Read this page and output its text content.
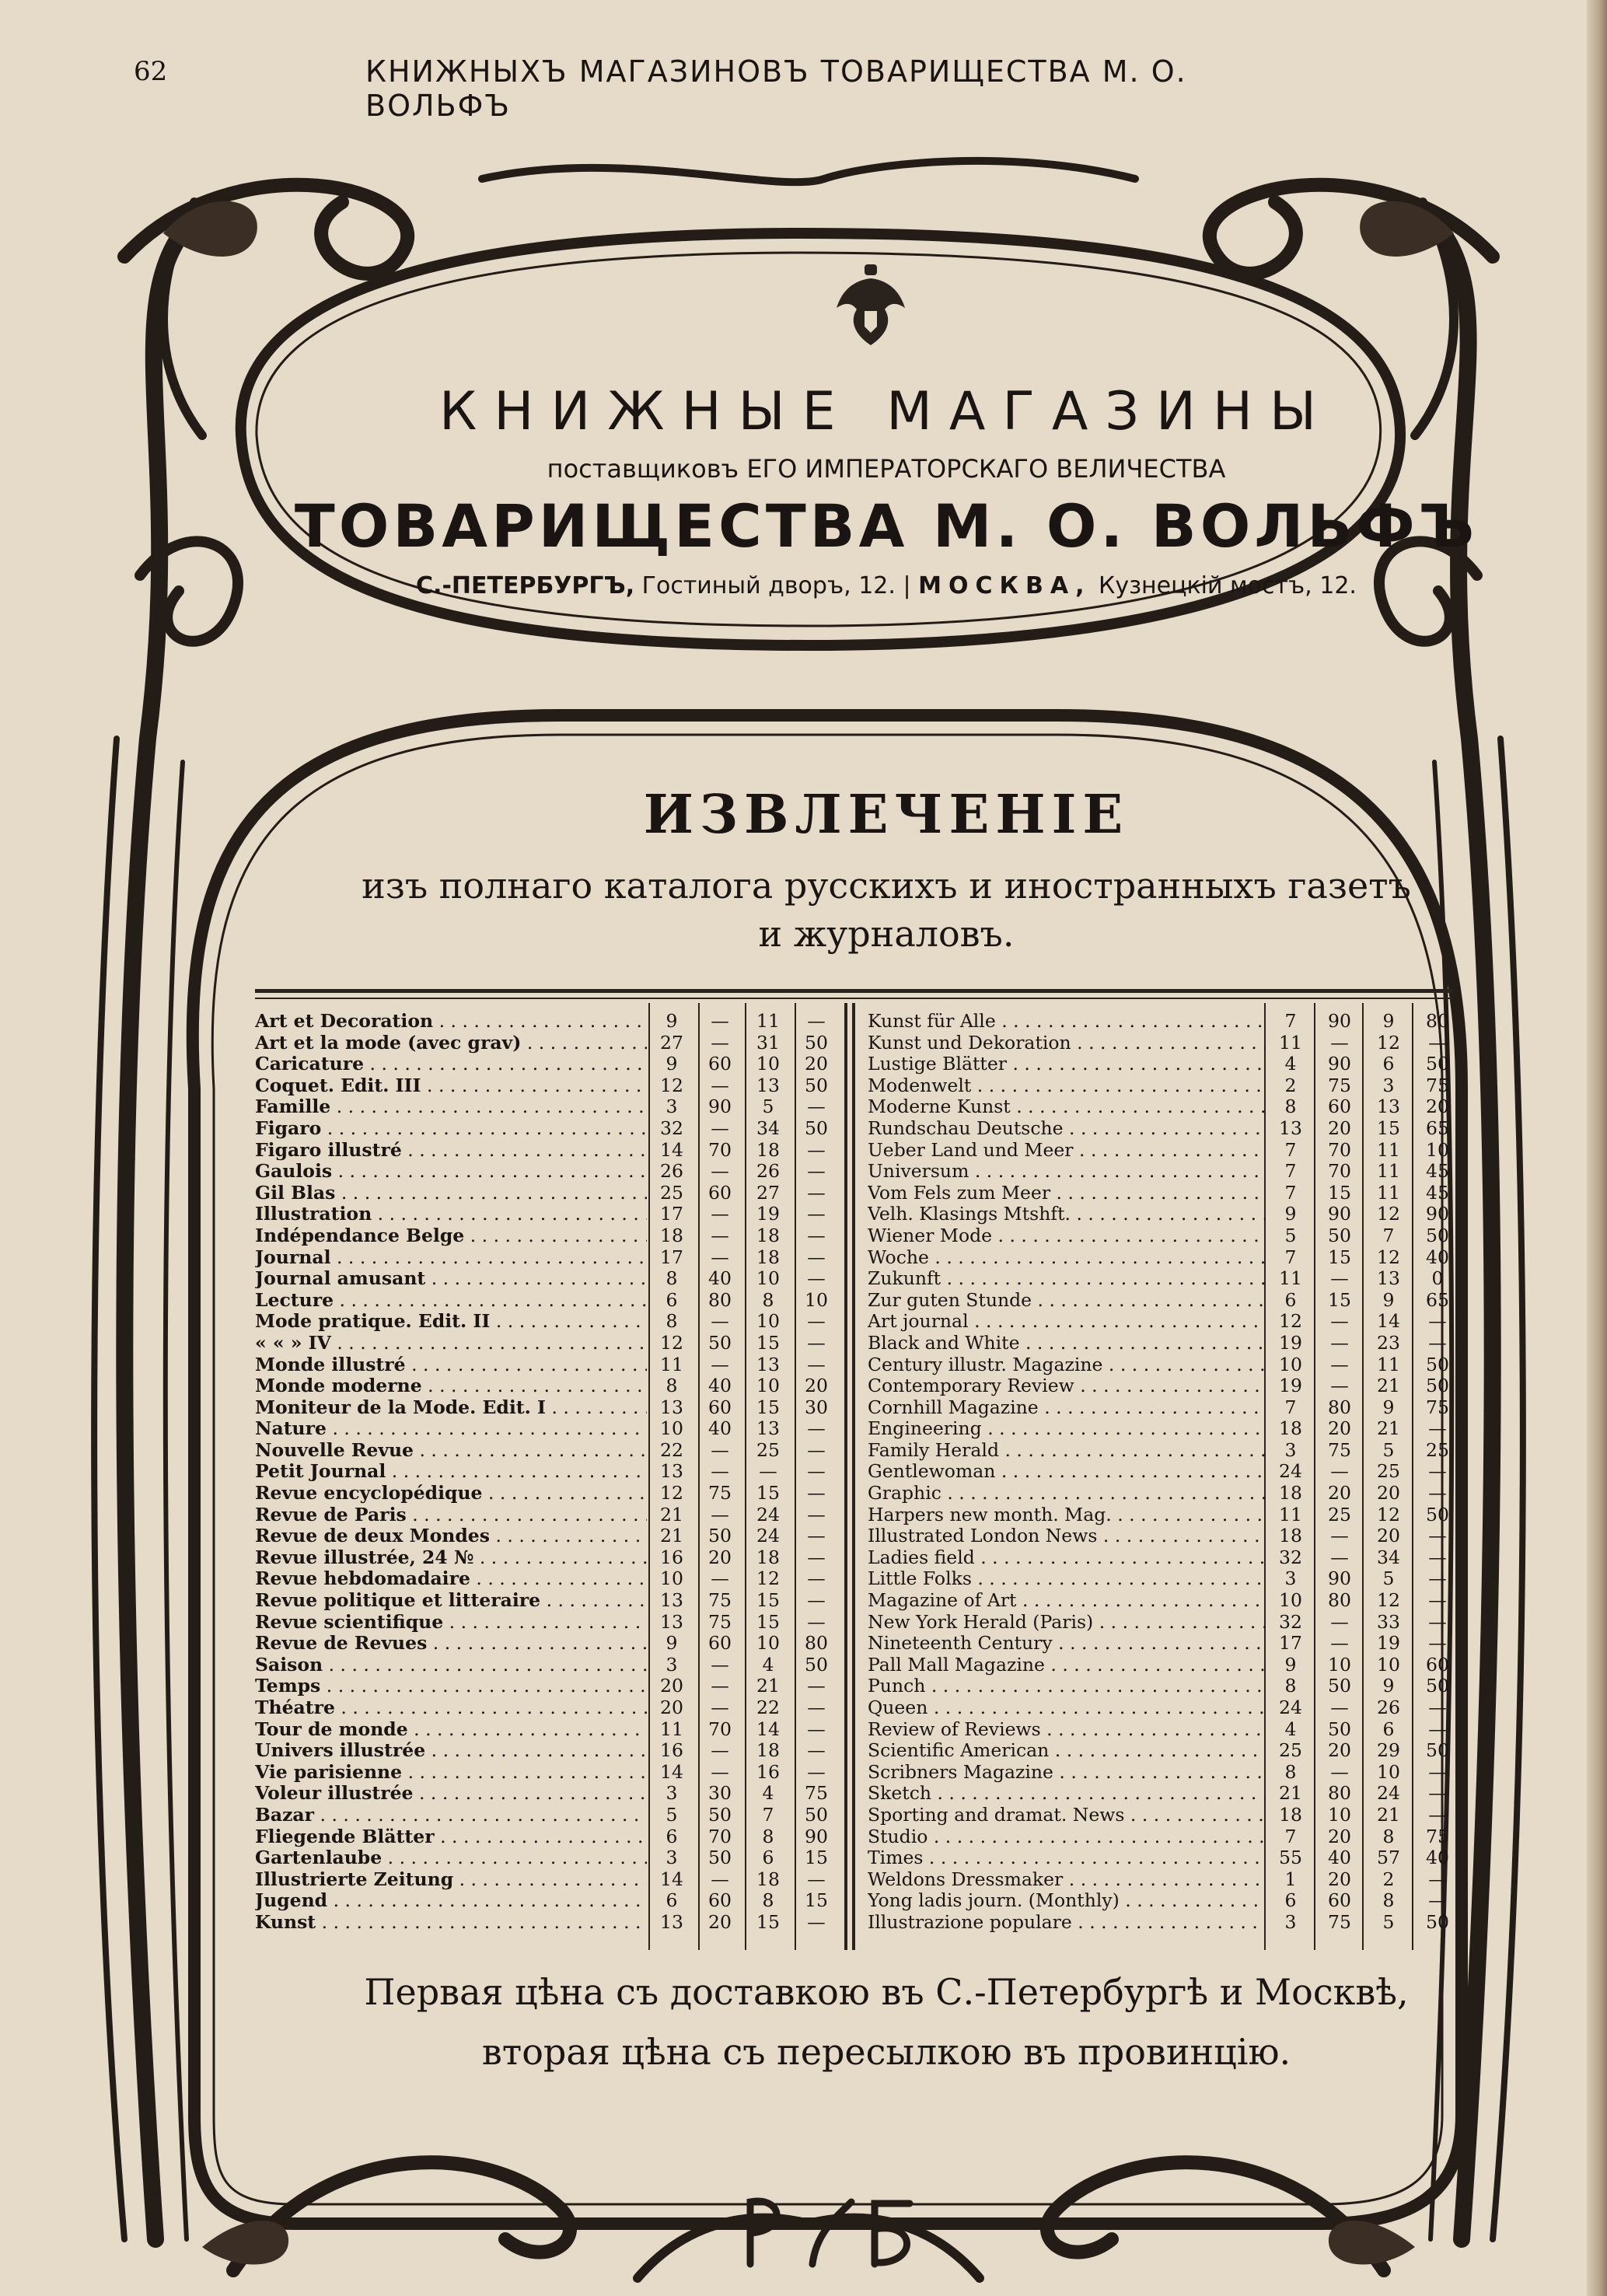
62	КНИЖНЫХЪ МАГАЗИНОВЪ ТОВАРИЩЕСТВА М. О. ВОЛЬФЪ
КНИЖНЫЕ МАГАЗИНЫ
поставщиковъ ЕГО ИМПЕРАТОРСКАГО ВЕЛИЧЕСТВА
ТОВАРИЩЕСТВА М. О. ВОЛЬФЪ
С.-ПЕТЕРБУРГЪ, Гостиный дворъ, 12. | МОСКВА, Кузнецкій мостъ, 12.
ИЗВЛЕЧЕНІЕ
изъ полнаго каталога русскихъ и иностранныхъ газетъ
и журналовъ.
Art et Decoration . . .	9	—	11	—
Art et la mode (avec grav) . . .	27	—	31	50
Caricature . . .	9	60	10	20
Coquet. Edit. III . . .	12	—	13	50
Famille . . .	3	90	5	—
Figaro . . .	32	—	34	50
Figaro illustré . . .	14	70	18	—
Gaulois . . .	26	—	26	—
Gil Blas . . .	25	60	27	—
Illustration . . .	17	—	19	—
Indépendance Belge . . .	18	—	18	—
Journal . . .	17	—	18	—
Journal amusant . . .	8	40	10	—
Lecture . . .	6	80	8	10
Mode pratique. Edit. II . . .	8	—	10	—
« « » IV . . .	12	50	15	—
Monde illustré . . .	11	—	13	—
Monde moderne . . .	8	40	10	20
Moniteur de la Mode. Edit. I . . .	13	60	15	30
Nature . . .	10	40	13	—
Nouvelle Revue . . .	22	—	25	—
Petit Journal . . .	13	—	—	—
Revue encyclopédique . . .	12	75	15	—
Revue de Paris . . .	21	—	24	—
Revue de deux Mondes . . .	21	50	24	—
Revue illustrée, 24 № . . .	16	20	18	—
Revue hebdomadaire . . .	10	—	12	—
Revue politique et litteraire . . .	13	75	15	—
Revue scientifique . . .	13	75	15	—
Revue de Revues . . .	9	60	10	80
Saison . . .	3	—	4	50
Temps . . .	20	—	21	—
Théatre . . .	20	—	22	—
Tour de monde . . .	11	70	14	—
Univers illustrée . . .	16	—	18	—
Vie parisienne . . .	14	—	16	—
Voleur illustrée . . .	3	30	4	75
Bazar . . .	5	50	7	50
Fliegende Blätter . . .	6	70	8	90
Gartenlaube . . .	3	50	6	15
Illustrierte Zeitung . . .	14	—	18	—
Jugend . . .	6	60	8	15
Kunst . . .	13	20	15	—
Kunst für Alle . . .	7	90	9	80
Kunst und Dekoration . . .	11	—	12	—
Lustige Blätter . . .	4	90	6	50
Modenwelt . . .	2	75	3	75
Moderne Kunst . . .	8	60	13	20
Rundschau Deutsche . . .	13	20	15	65
Ueber Land und Meer . . .	7	70	11	10
Universum . . .	7	70	11	45
Vom Fels zum Meer . . .	7	15	11	45
Velh. Klasings Mtshft. . . .	9	90	12	90
Wiener Mode . . .	5	50	7	50
Woche . . .	7	15	12	40
Zukunft . . .	11	—	13	0
Zur guten Stunde . . .	6	15	9	65
Art journal . . .	12	—	14	—
Black and White . . .	19	—	23	—
Century illustr. Magazine . . .	10	—	11	50
Contemporary Review . . .	19	—	21	50
Cornhill Magazine . . .	7	80	9	75
Engineering . . .	18	20	21	—
Family Herald . . .	3	75	5	25
Gentlewoman . . .	24	—	25	—
Graphic . . .	18	20	20	—
Harpers new month. Mag. . . .	11	25	12	50
Illustrated London News . . .	18	—	20	—
Ladies field . . .	32	—	34	—
Little Folks . . .	3	90	5	—
Magazine of Art . . .	10	80	12	—
New York Herald (Paris) . . .	32	—	33	—
Nineteenth Century . . .	17	—	19	—
Pall Mall Magazine . . .	9	10	10	60
Punch . . .	8	50	9	50
Queen . . .	24	—	26	—
Review of Reviews . . .	4	50	6	—
Scientific American . . .	25	20	29	50
Scribners Magazine . . .	8	—	10	—
Sketch . . .	21	80	24	—
Sporting and dramat. News . . .	18	10	21	—
Studio . . .	7	20	8	75
Times . . .	55	40	57	40
Weldons Dressmaker . . .	1	20	2	—
Yong ladis journ. (Monthly) . . .	6	60	8	—
Illustrazione populare . . .	3	75	5	50
Первая цѣна съ доставкою въ С.-Петербургѣ и Москвѣ,
вторая цѣна съ пересылкою въ провинцію.
